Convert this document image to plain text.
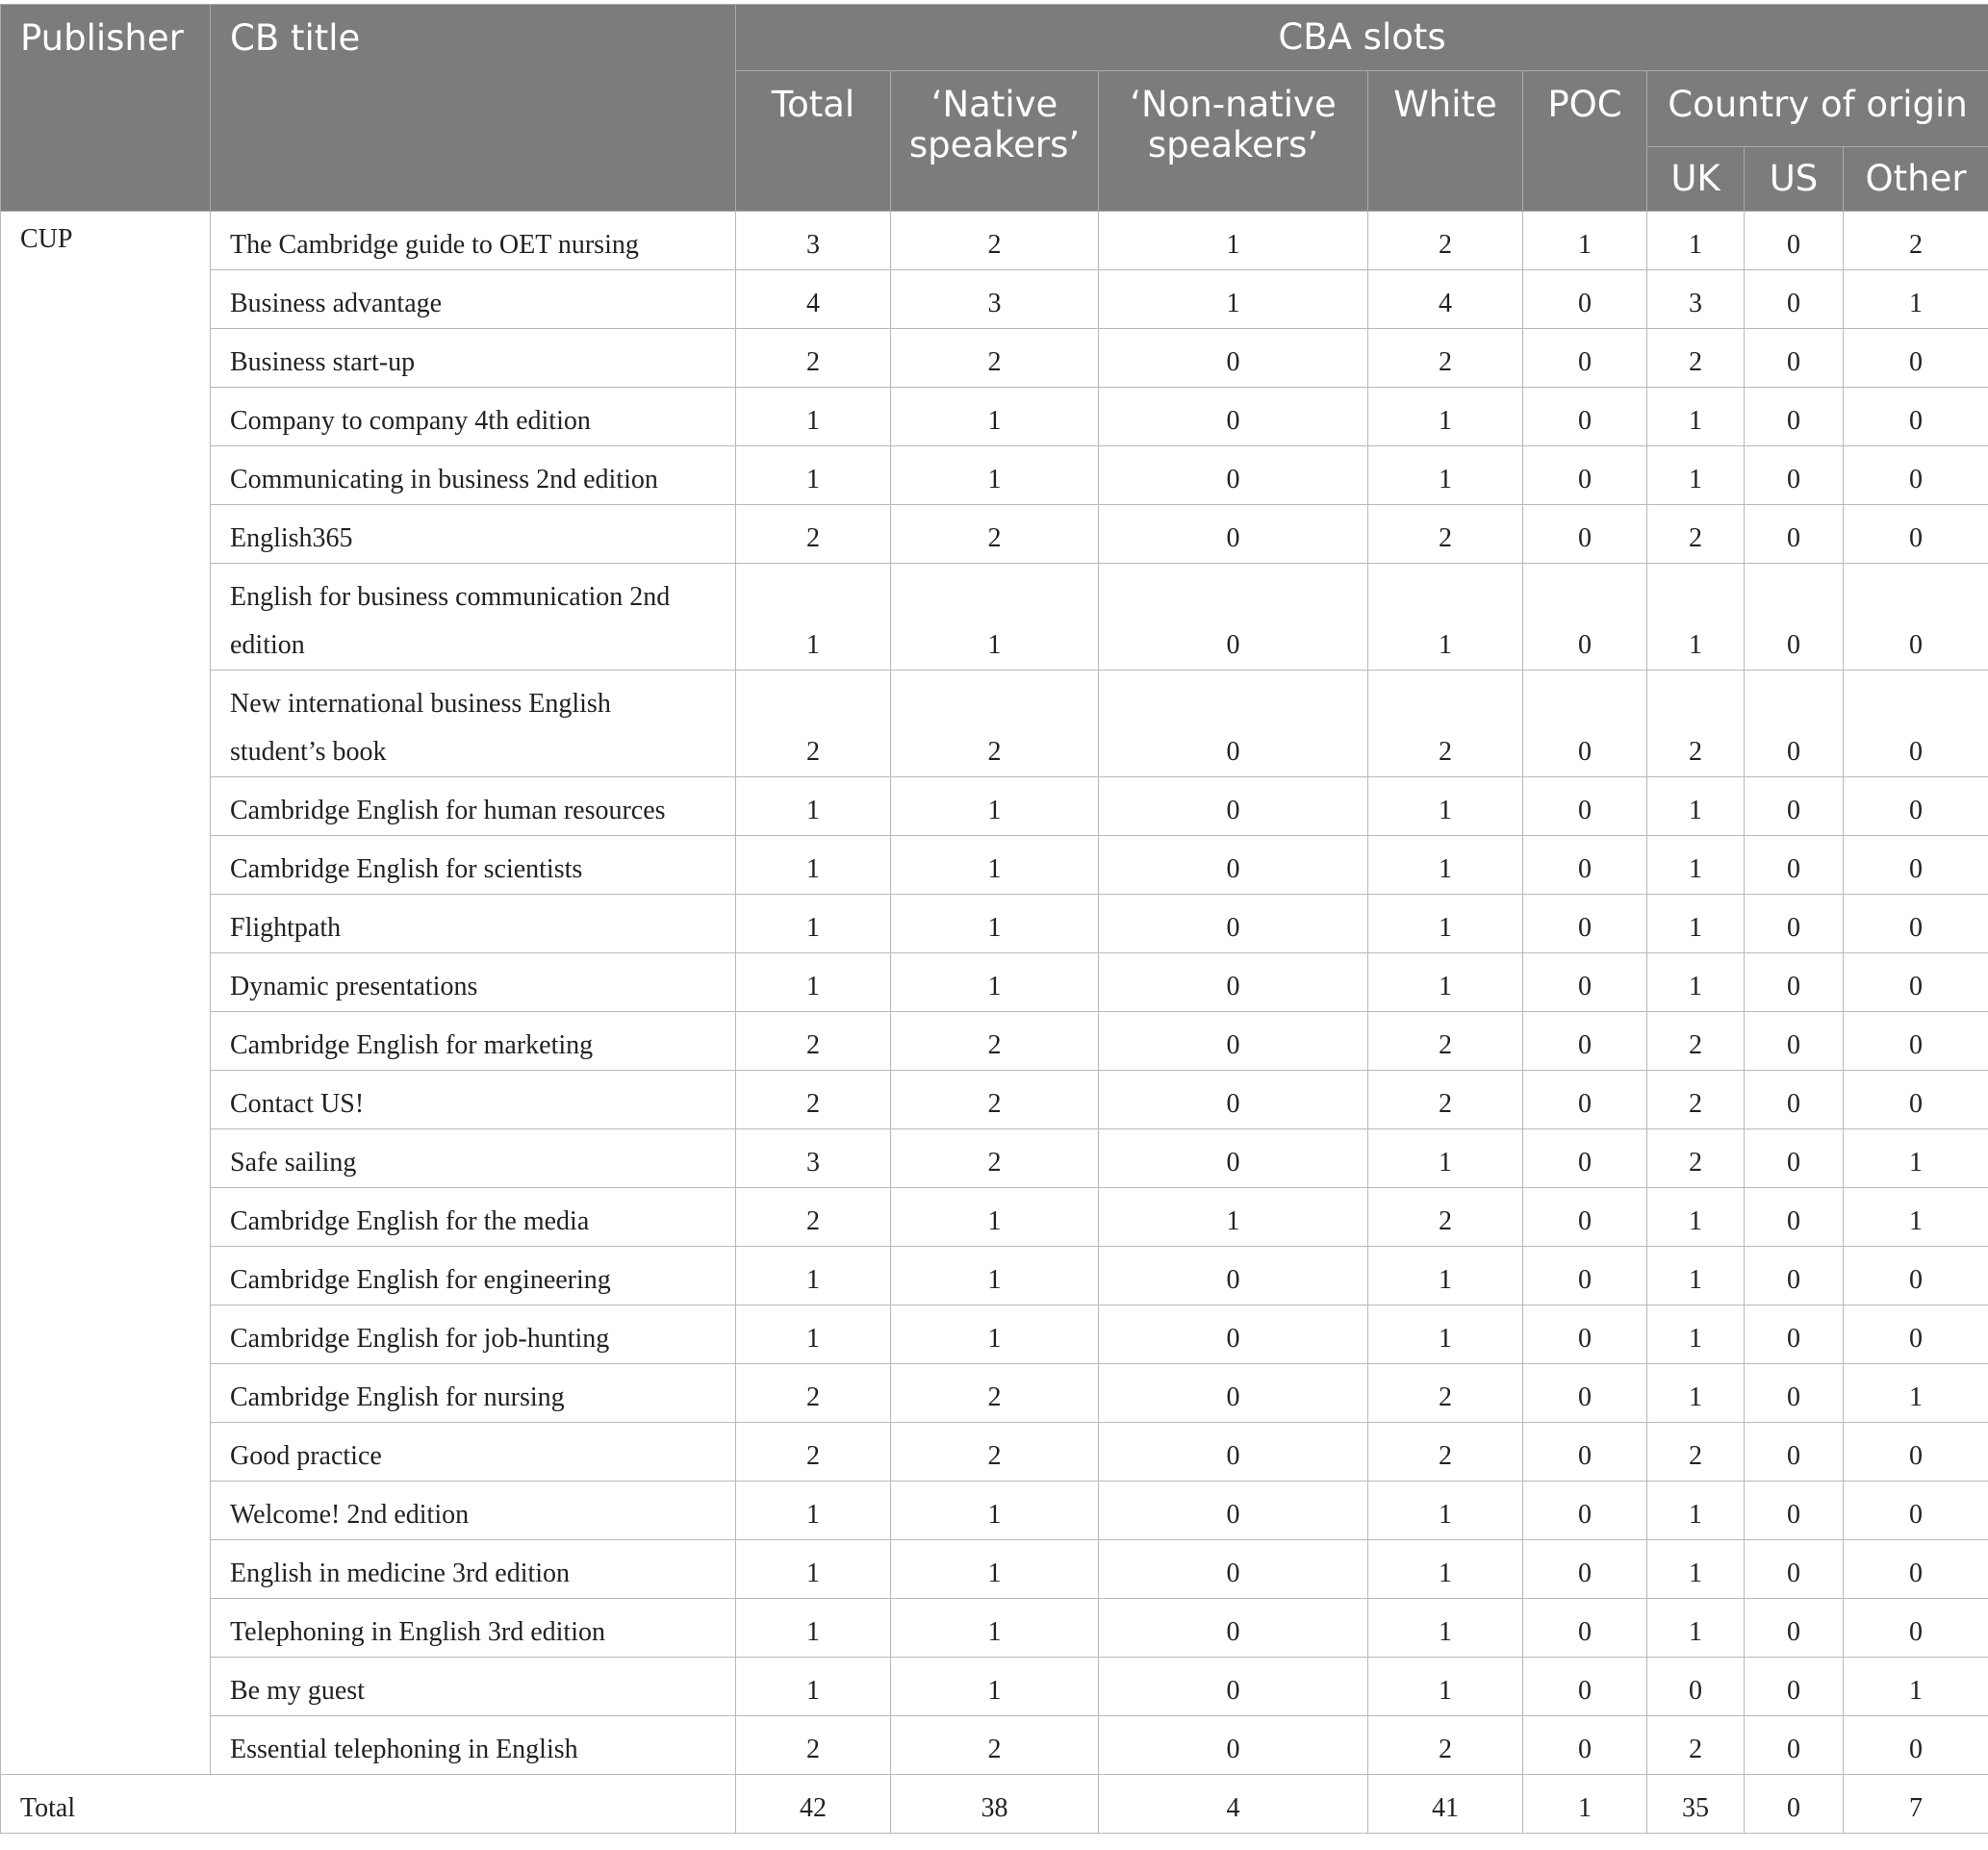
Publisher	CB title	CBA slots							
		Total	‘Native speakers’	‘Non-native speakers’	White	POC	Country of origin		
							UK	US	Other
CUP	The Cambridge guide to OET nursing	3	2	1	2	1	1	0	2
	Business advantage	4	3	1	4	0	3	0	1
	Business start-up	2	2	0	2	0	2	0	0
	Company to company 4th edition	1	1	0	1	0	1	0	0
	Communicating in business 2nd edition	1	1	0	1	0	1	0	0
	English365	2	2	0	2	0	2	0	0

	English for business communication 2nd
edition	1	1	0	1	0	1	0	0

	New international business English
student’s book	2	2	0	2	0	2	0	0
	Cambridge English for human resources	1	1	0	1	0	1	0	0
	Cambridge English for scientists	1	1	0	1	0	1	0	0
	Flightpath	1	1	0	1	0	1	0	0
	Dynamic presentations	1	1	0	1	0	1	0	0
	Cambridge English for marketing	2	2	0	2	0	2	0	0
	Contact US!	2	2	0	2	0	2	0	0
	Safe sailing	3	2	0	1	0	2	0	1
	Cambridge English for the media	2	1	1	2	0	1	0	1
	Cambridge English for engineering	1	1	0	1	0	1	0	0
	Cambridge English for job-hunting	1	1	0	1	0	1	0	0
	Cambridge English for nursing	2	2	0	2	0	1	0	1
	Good practice	2	2	0	2	0	2	0	0
	Welcome! 2nd edition	1	1	0	1	0	1	0	0
	English in medicine 3rd edition	1	1	0	1	0	1	0	0
	Telephoning in English 3rd edition	1	1	0	1	0	1	0	0
	Be my guest	1	1	0	1	0	0	0	1
	Essential telephoning in English	2	2	0	2	0	2	0	0
Total		42	38	4	41	1	35	0	7
